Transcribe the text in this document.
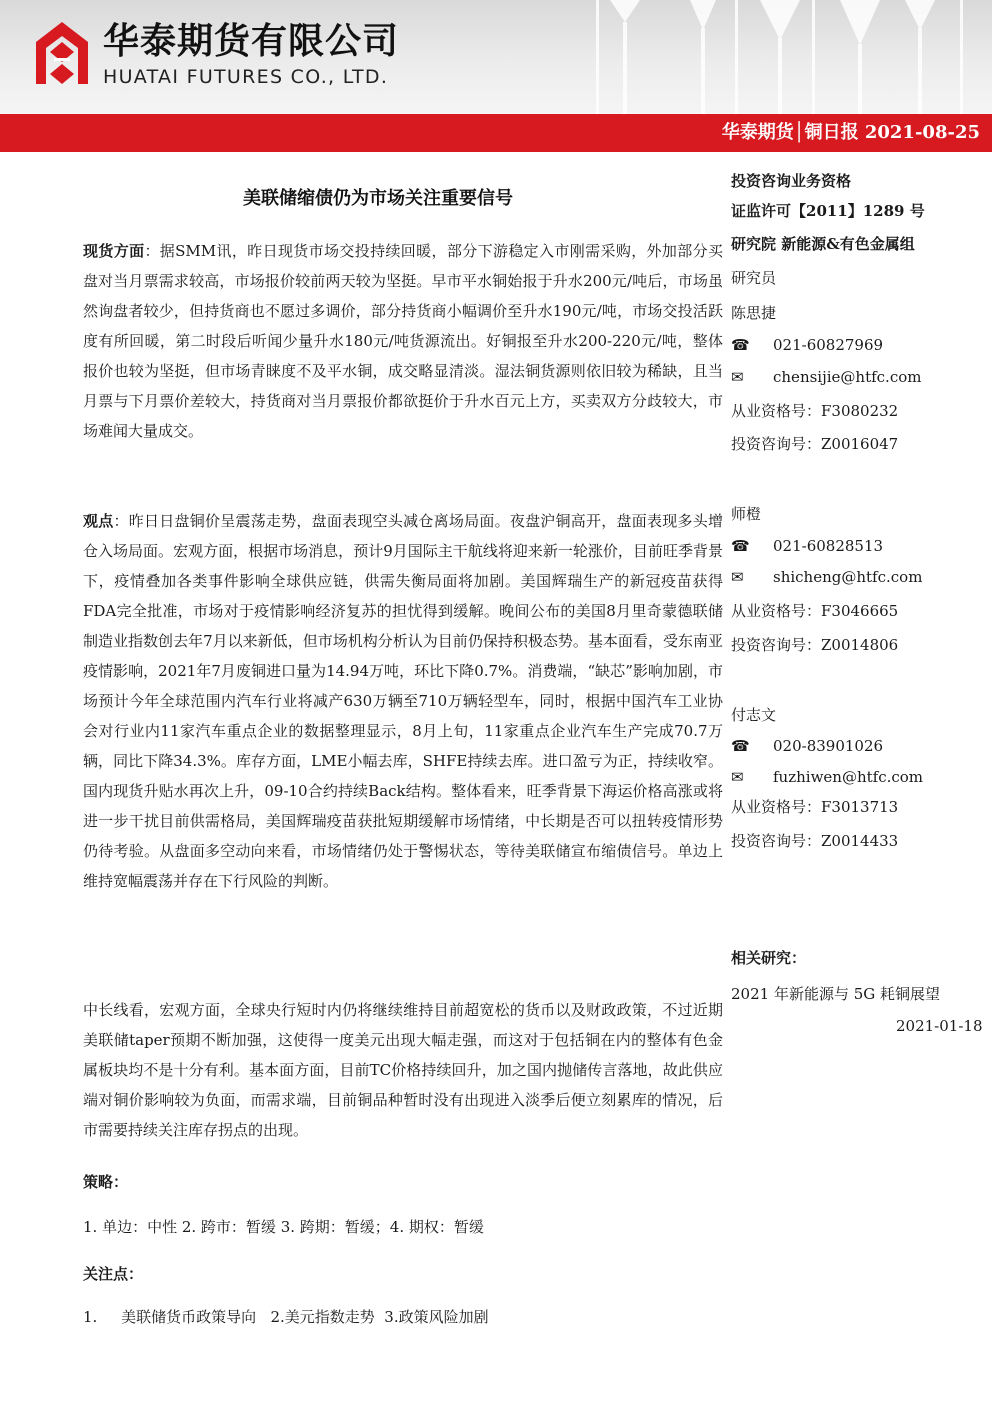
华泰期货有限公司
HUATAI FUTURES CO., LTD.
华泰期货│铜日报 2021-08-25
美联储缩债仍为市场关注重要信号
现货方面：据SMM讯，昨日现货市场交投持续回暖，部分下游稳定入市刚需采购，外加部分买盘对当月票需求较高，市场报价较前两天较为坚挺。早市平水铜始报于升水200元/吨后，市场虽然询盘者较少，但持货商也不愿过多调价，部分持货商小幅调价至升水190元/吨，市场交投活跃度有所回暖，第二时段后听闻少量升水180元/吨货源流出。好铜报至升水200-220元/吨，整体报价也较为坚挺，但市场青睐度不及平水铜，成交略显清淡。湿法铜货源则依旧较为稀缺，且当月票与下月票价差较大，持货商对当月票报价都欲挺价于升水百元上方，买卖双方分歧较大，市场难闻大量成交。
观点：昨日日盘铜价呈震荡走势，盘面表现空头减仓离场局面。夜盘沪铜高开，盘面表现多头增仓入场局面。宏观方面，根据市场消息，预计9月国际主干航线将迎来新一轮涨价，目前旺季背景下，疫情叠加各类事件影响全球供应链，供需失衡局面将加剧。美国辉瑞生产的新冠疫苗获得FDA完全批准，市场对于疫情影响经济复苏的担忧得到缓解。晚间公布的美国8月里奇蒙德联储制造业指数创去年7月以来新低，但市场机构分析认为目前仍保持积极态势。基本面看，受东南亚疫情影响，2021年7月废铜进口量为14.94万吨，环比下降0.7%。消费端，“缺芯”影响加剧，市场预计今年全球范围内汽车行业将减产630万辆至710万辆轻型车，同时，根据中国汽车工业协会对行业内11家汽车重点企业的数据整理显示，8月上旬，11家重点企业汽车生产完成70.7万辆，同比下降34.3%。库存方面，LME小幅去库，SHFE持续去库。进口盈亏为正，持续收窄。国内现货升贴水再次上升，09-10合约持续Back结构。整体看来，旺季背景下海运价格高涨或将进一步干扰目前供需格局，美国辉瑞疫苗获批短期缓解市场情绪，中长期是否可以扭转疫情形势仍待考验。从盘面多空动向来看，市场情绪仍处于警惕状态，等待美联储宣布缩债信号。单边上维持宽幅震荡并存在下行风险的判断。
中长线看，宏观方面，全球央行短时内仍将继续维持目前超宽松的货币以及财政政策，不过近期美联储taper预期不断加强，这使得一度美元出现大幅走强，而这对于包括铜在内的整体有色金属板块均不是十分有利。基本面方面，目前TC价格持续回升，加之国内抛储传言落地，故此供应端对铜价影响较为负面，而需求端，目前铜品种暂时没有出现进入淡季后便立刻累库的情况，后市需要持续关注库存拐点的出现。
策略：
1. 单边：中性 2. 跨市：暂缓 3. 跨期：暂缓；4. 期权：暂缓
关注点：
1.     美联储货币政策导向   2.美元指数走势  3.政策风险加剧
投资咨询业务资格
证监许可【2011】1289 号
研究院 新能源&有色金属组
研究员
陈思捷
☎ 021-60827969
✉ chensijie@htfc.com
从业资格号：F3080232
投资咨询号：Z0016047
师橙
☎ 021-60828513
✉ shicheng@htfc.com
从业资格号：F3046665
投资咨询号：Z0014806
付志文
☎ 020-83901026
✉ fuzhiwen@htfc.com
从业资格号：F3013713
投资咨询号：Z0014433
相关研究：
2021 年新能源与 5G 耗铜展望
2021-01-18
